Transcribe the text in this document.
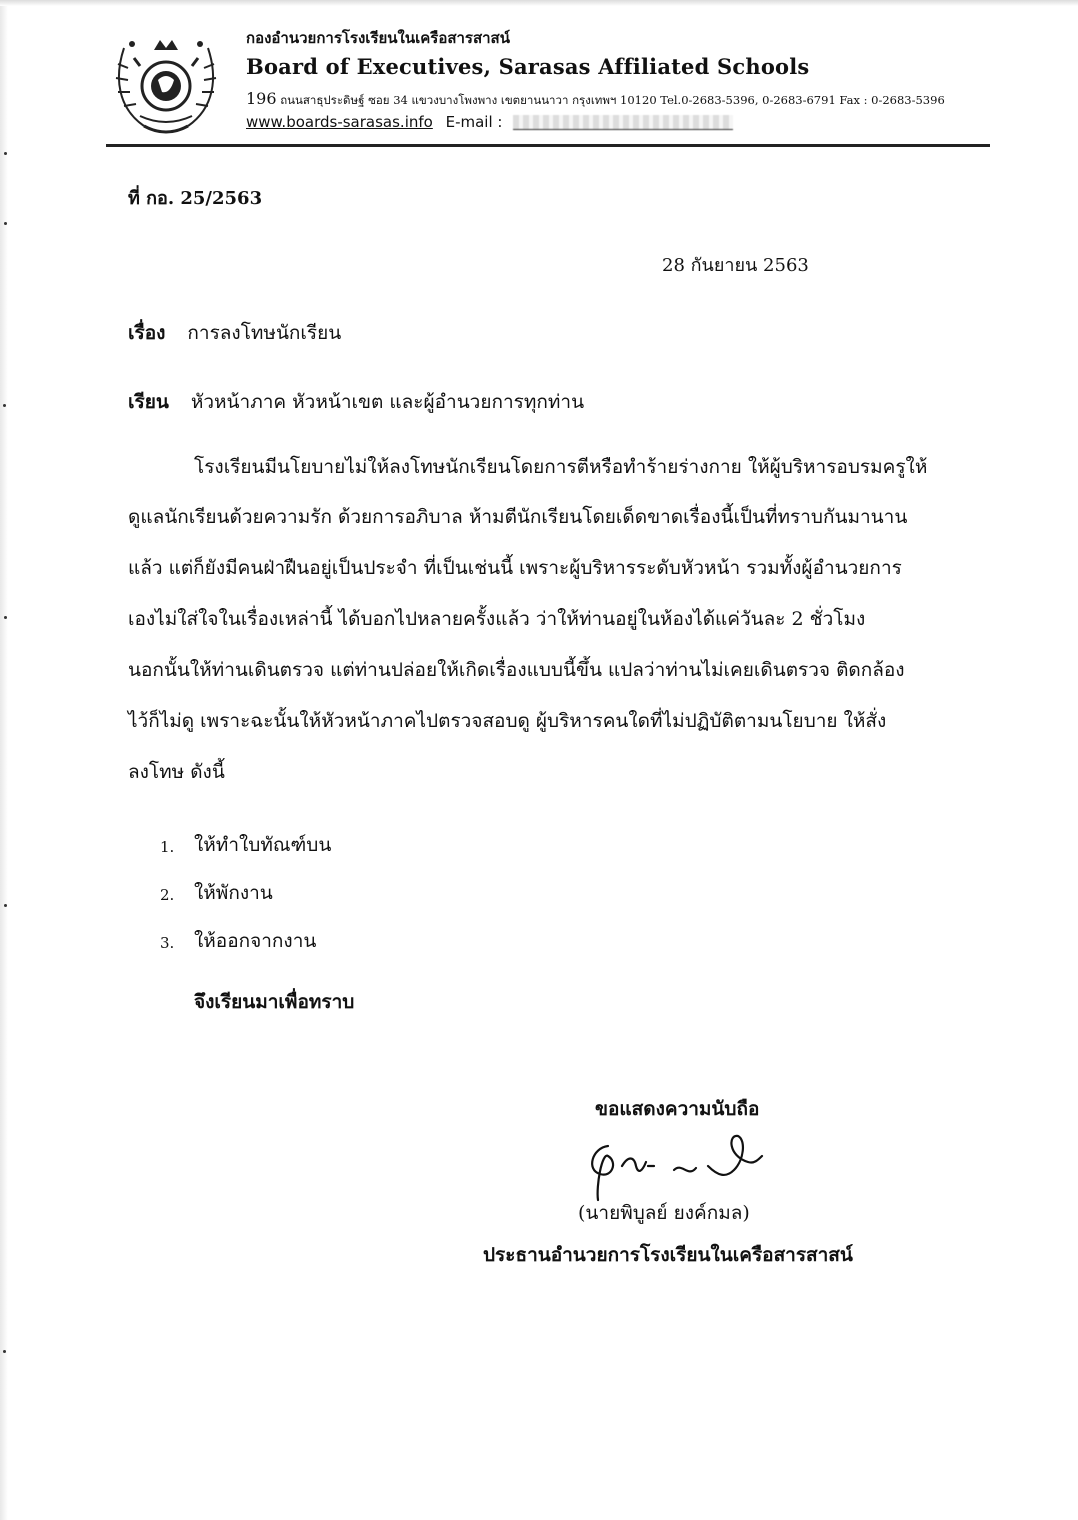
กองอำนวยการโรงเรียนในเครือสารสาสน์
Board of Executives, Sarasas Affiliated Schools
196 ถนนสาธุประดิษฐ์ ซอย 34 แขวงบางโพงพาง เขตยานนาวา กรุงเทพฯ 10120 Tel.0-2683-5396, 0-2683-6791 Fax : 0-2683-5396
www.boards-sarasas.info E-mail :
ที่ กอ. 25/2563
28 กันยายน 2563
เรื่อง การลงโทษนักเรียน
เรียน หัวหน้าภาค หัวหน้าเขต และผู้อำนวยการทุกท่าน
โรงเรียนมีนโยบายไม่ให้ลงโทษนักเรียนโดยการตีหรือทำร้ายร่างกาย ให้ผู้บริหารอบรมครูให้
ดูแลนักเรียนด้วยความรัก ด้วยการอภิบาล ห้ามตีนักเรียนโดยเด็ดขาดเรื่องนี้เป็นที่ทราบกันมานาน
แล้ว แต่ก็ยังมีคนฝ่าฝืนอยู่เป็นประจำ ที่เป็นเช่นนี้ เพราะผู้บริหารระดับหัวหน้า รวมทั้งผู้อำนวยการ
เองไม่ใส่ใจในเรื่องเหล่านี้ ได้บอกไปหลายครั้งแล้ว ว่าให้ท่านอยู่ในห้องได้แค่วันละ 2 ชั่วโมง
นอกนั้นให้ท่านเดินตรวจ แต่ท่านปล่อยให้เกิดเรื่องแบบนี้ขึ้น แปลว่าท่านไม่เคยเดินตรวจ ติดกล้อง
ไว้ก็ไม่ดู เพราะฉะนั้นให้หัวหน้าภาคไปตรวจสอบดู ผู้บริหารคนใดที่ไม่ปฏิบัติตามนโยบาย ให้สั่ง
ลงโทษ ดังนี้
1. ให้ทำใบทัณฑ์บน
2. ให้พักงาน
3. ให้ออกจากงาน
จึงเรียนมาเพื่อทราบ
ขอแสดงความนับถือ
(นายพิบูลย์ ยงค์กมล)
ประธานอำนวยการโรงเรียนในเครือสารสาสน์
